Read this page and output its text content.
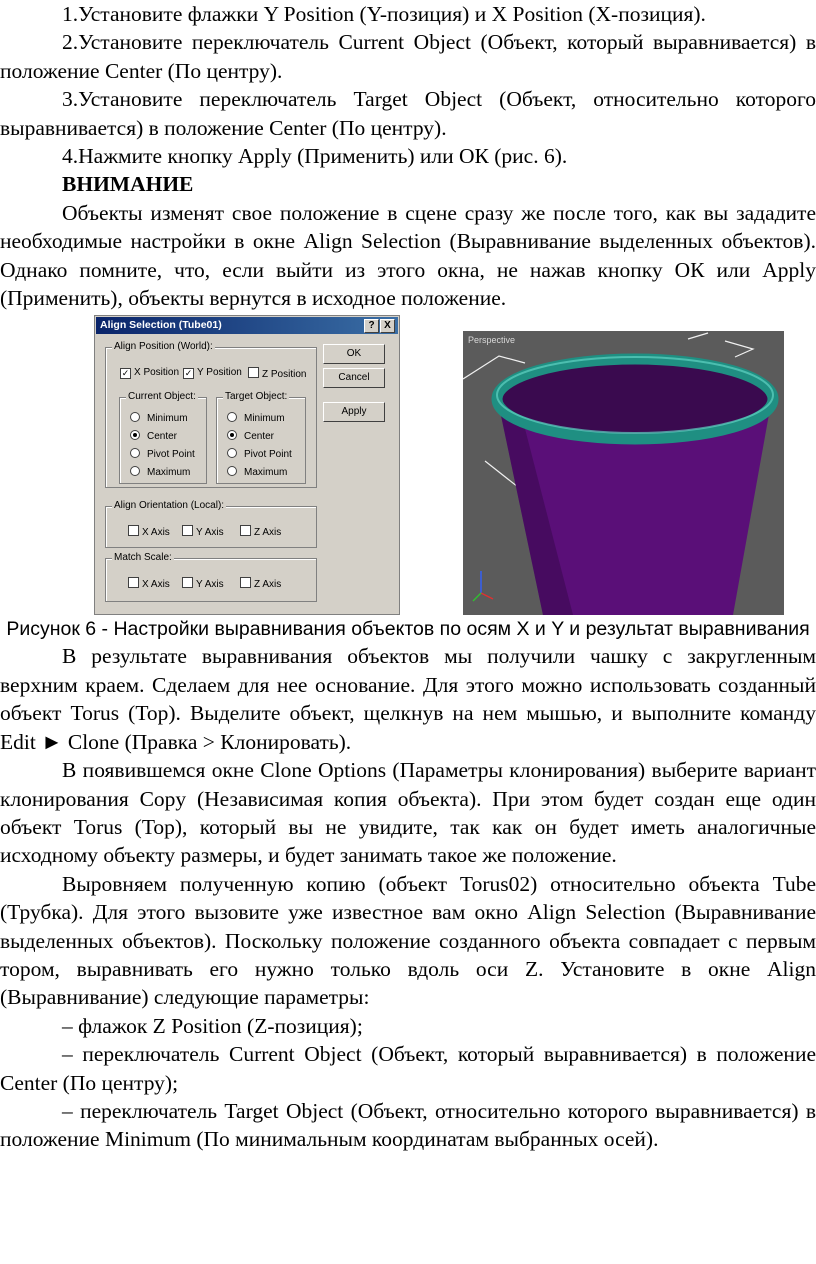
1.Установите флажки Y Position (Y-позиция) и X Position (X-позиция).

2.Установите переключатель Current Object (Объект, который выравнивается) в положение Center (По центру).

3.Установите переключатель Target Object (Объект, относительно которого выравнивается) в положение Center (По центру).

4.Нажмите кнопку Apply (Применить) или ОК (рис. 6).

ВНИМАНИЕ

Объекты изменят свое положение в сцене сразу же после того, как вы зададите необходимые настройки в окне Align Selection (Выравнивание выделенных объектов). Однако помните, что, если выйти из этого окна, не нажав кнопку ОК или Apply (Применить), объекты вернутся в исходное положение.

Align Selection (Tube01)	? X
Align Position (World):
✓ X Position ✓ Y Position	Z Position
Current Object:
Minimum
Center
Pivot Point
Maximum
Target Object:
Minimum
Center
Pivot Point
Maximum
Align Orientation (Local):
X Axis	Y Axis	Z Axis
Match Scale:
X Axis	Y Axis	Z Axis
OK
Cancel
Apply
Perspective

Рисунок 6 - Настройки выравнивания объектов по осям X и Y и результат выравнивания

В результате выравнивания объектов мы получили чашку с закругленным верхним краем. Сделаем для нее основание. Для этого можно использовать созданный объект Torus (Тор). Выделите объект, щелкнув на нем мышью, и выполните команду Edit ► Clone (Правка > Клонировать).

В появившемся окне Clone Options (Параметры клонирования) выберите вариант клонирования Copy (Независимая копия объекта). При этом будет создан еще один объект Torus (Тор), который вы не увидите, так как он будет иметь аналогичные исходному объекту размеры, и будет занимать такое же положение.

Выровняем полученную копию (объект Torus02) относительно объекта Tube (Трубка). Для этого вызовите уже известное вам окно Align Selection (Выравнивание выделенных объектов). Поскольку положение созданного объекта совпадает с первым тором, выравнивать его нужно только вдоль оси Z. Установите в окне Align (Выравнивание) следующие параметры:

– флажок Z Position (Z-позиция);

– переключатель Current Object (Объект, который выравнивается) в положение Center (По центру);

– переключатель Target Object (Объект, относительно которого выравнивается) в положение Minimum (По минимальным координатам выбранных осей).
